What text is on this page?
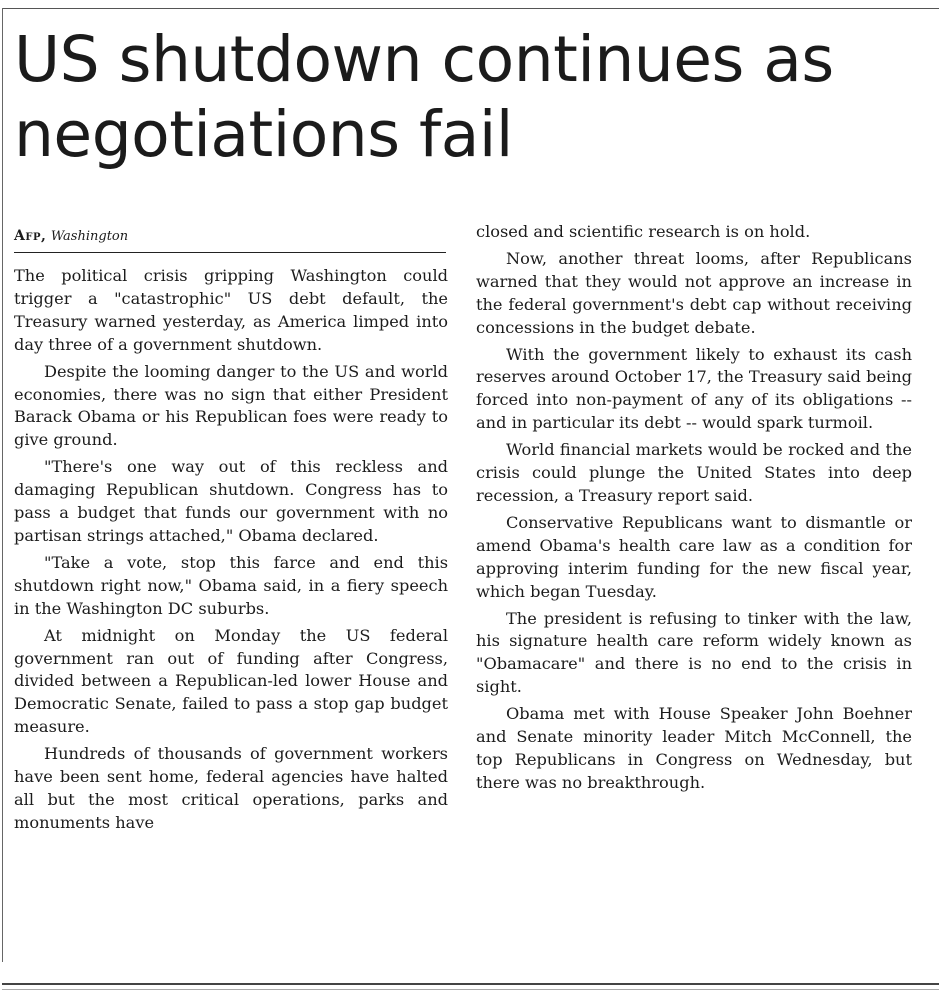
US shutdown continues as negotiations fail
Afp, Washington

The political crisis gripping Washington could trigger a "catastrophic" US debt default, the Treasury warned yesterday, as America limped into day three of a government shutdown.

Despite the looming danger to the US and world economies, there was no sign that either President Barack Obama or his Republican foes were ready to give ground.

"There's one way out of this reckless and damaging Republican shutdown. Congress has to pass a budget that funds our government with no partisan strings attached," Obama declared.

"Take a vote, stop this farce and end this shutdown right now," Obama said, in a fiery speech in the Washington DC suburbs.

At midnight on Monday the US federal government ran out of funding after Congress, divided between a Republican-led lower House and Democratic Senate, failed to pass a stop gap budget measure.

Hundreds of thousands of government workers have been sent home, federal agencies have halted all but the most critical operations, parks and monuments have

closed and scientific research is on hold.

Now, another threat looms, after Republicans warned that they would not approve an increase in the federal government's debt cap without receiving concessions in the budget debate.

With the government likely to exhaust its cash reserves around October 17, the Treasury said being forced into non-payment of any of its obligations -- and in particular its debt -- would spark turmoil.

World financial markets would be rocked and the crisis could plunge the United States into deep recession, a Treasury report said.

Conservative Republicans want to dismantle or amend Obama's health care law as a condition for approving interim funding for the new fiscal year, which began Tuesday.

The president is refusing to tinker with the law, his signature health care reform widely known as "Obamacare" and there is no end to the crisis in sight.

Obama met with House Speaker John Boehner and Senate minority leader Mitch McConnell, the top Republicans in Congress on Wednesday, but there was no breakthrough.
